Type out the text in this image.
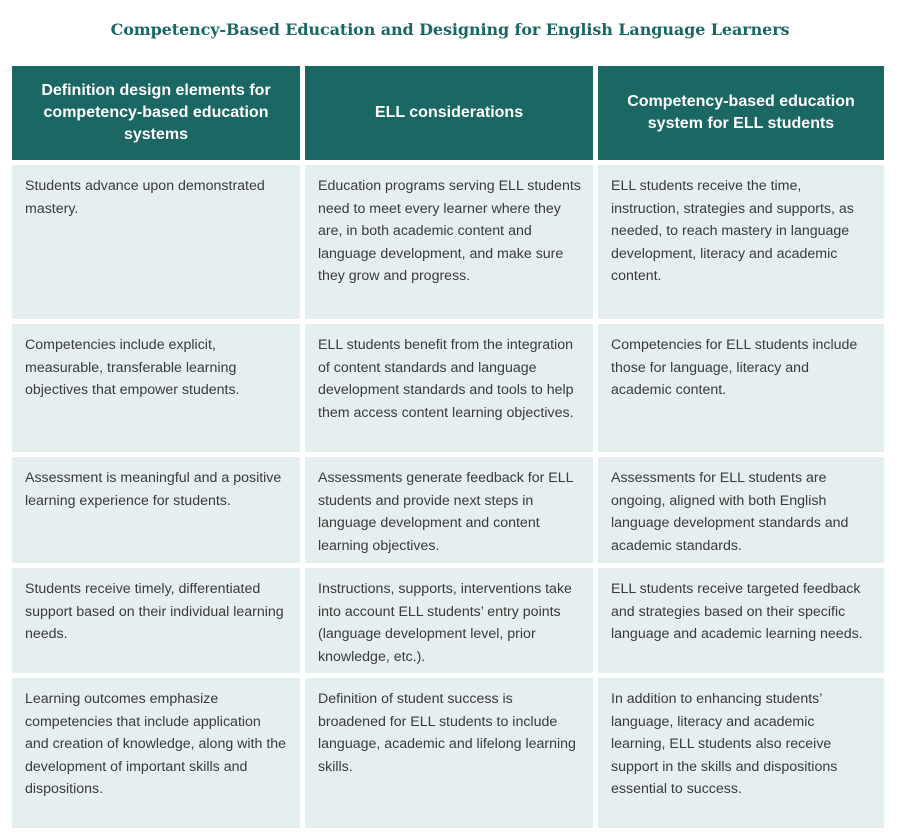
Competency-Based Education and Designing for English Language Learners
Definition design elements for competency-based education systems
ELL considerations
Competency-based education system for ELL students
Students advance upon demonstrated mastery.
Education programs serving ELL students need to meet every learner where they are, in both academic content and language development, and make sure they grow and progress.
ELL students receive the time, instruction, strategies and supports, as needed, to reach mastery in language development, literacy and academic content.
Competencies include explicit, measurable, transferable learning objectives that empower students.
ELL students benefit from the integration of content standards and language development standards and tools to help them access content learning objectives.
Competencies for ELL students include those for language, literacy and academic content.
Assessment is meaningful and a positive learning experience for students.
Assessments generate feedback for ELL students and provide next steps in language development and content learning objectives.
Assessments for ELL students are ongoing, aligned with both English language development standards and academic standards.
Students receive timely, differentiated support based on their individual learning needs.
Instructions, supports, interventions take into account ELL students’ entry points (language development level, prior knowledge, etc.).
ELL students receive targeted feedback and strategies based on their specific language and academic learning needs.
Learning outcomes emphasize competencies that include application and creation of knowledge, along with the development of important skills and dispositions.
Definition of student success is broadened for ELL students to include language, academic and lifelong learning skills.
In addition to enhancing students’ language, literacy and academic learning, ELL students also receive support in the skills and dispositions essential to success.
